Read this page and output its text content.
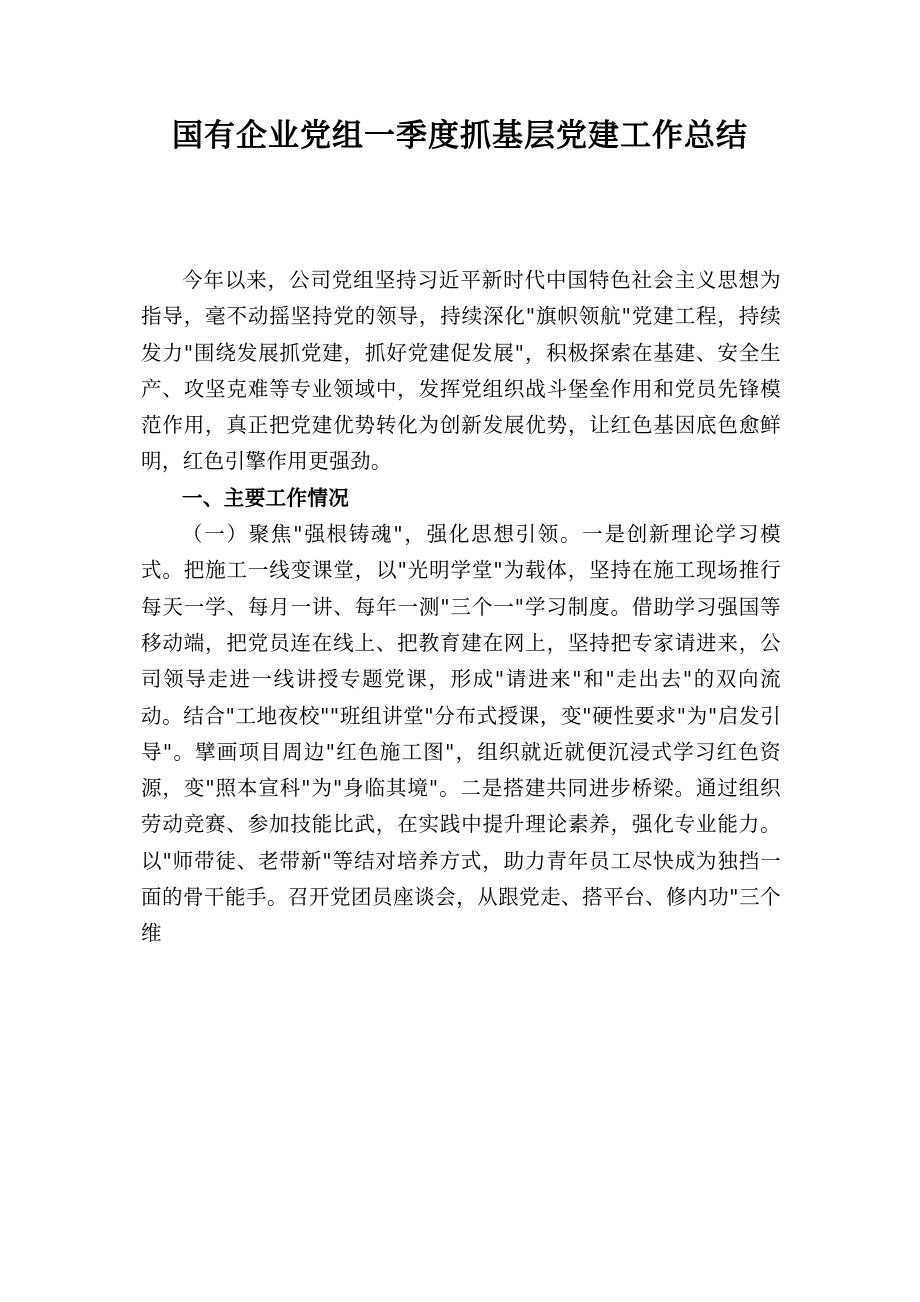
国有企业党组一季度抓基层党建工作总结

今年以来，公司党组坚持习近平新时代中国特色社会主义思想为指导，毫不动摇坚持党的领导，持续深化"旗帜领航"党建工程，持续发力"围绕发展抓党建，抓好党建促发展"，积极探索在基建、安全生产、攻坚克难等专业领域中，发挥党组织战斗堡垒作用和党员先锋模范作用，真正把党建优势转化为创新发展优势，让红色基因底色愈鲜明，红色引擎作用更强劲。

一、主要工作情况

（一）聚焦"强根铸魂"，强化思想引领。一是创新理论学习模式。把施工一线变课堂，以"光明学堂"为载体，坚持在施工现场推行每天一学、每月一讲、每年一测"三个一"学习制度。借助学习强国等移动端，把党员连在线上、把教育建在网上，坚持把专家请进来，公司领导走进一线讲授专题党课，形成"请进来"和"走出去"的双向流动。结合"工地夜校""班组讲堂"分布式授课，变"硬性要求"为"启发引导"。擘画项目周边"红色施工图"，组织就近就便沉浸式学习红色资源，变"照本宣科"为"身临其境"。二是搭建共同进步桥梁。通过组织劳动竞赛、参加技能比武，在实践中提升理论素养，强化专业能力。以"师带徒、老带新"等结对培养方式，助力青年员工尽快成为独挡一面的骨干能手。召开党团员座谈会，从跟党走、搭平台、修内功"三个维
